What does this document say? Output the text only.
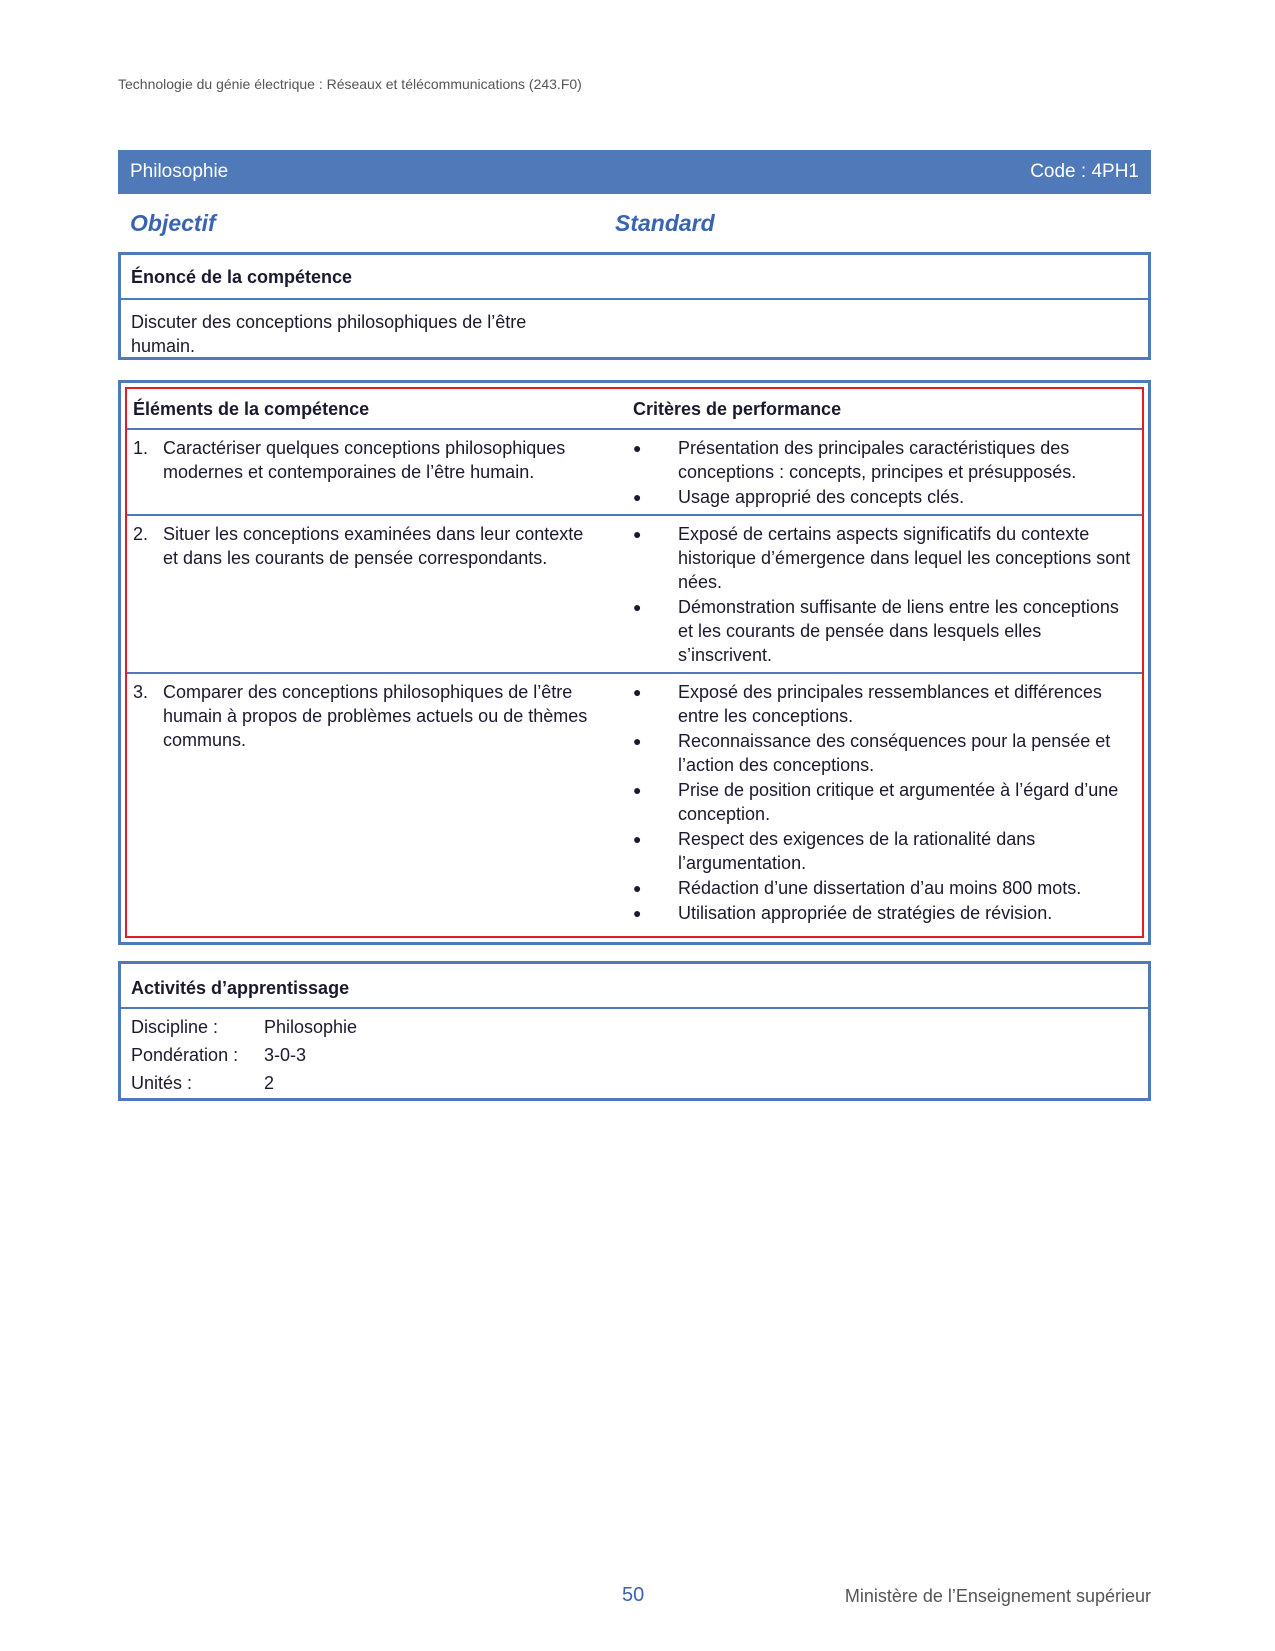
Technologie du génie électrique : Réseaux et télécommunications (243.F0)
Philosophie	Code : 4PH1
Objectif	Standard
Énoncé de la compétence
Discuter des conceptions philosophiques de l’être humain.
Éléments de la compétence	Critères de performance
1. Caractériser quelques conceptions philosophiques modernes et contemporaines de l’être humain.
●	Présentation des principales caractéristiques des conceptions : concepts, principes et présupposés.
●	Usage approprié des concepts clés.
2. Situer les conceptions examinées dans leur contexte et dans les courants de pensée correspondants.
●	Exposé de certains aspects significatifs du contexte historique d’émergence dans lequel les conceptions sont nées.
●	Démonstration suffisante de liens entre les conceptions et les courants de pensée dans lesquels elles s’inscrivent.
3. Comparer des conceptions philosophiques de l’être humain à propos de problèmes actuels ou de thèmes communs.
●	Exposé des principales ressemblances et différences entre les conceptions.
●	Reconnaissance des conséquences pour la pensée et l’action des conceptions.
●	Prise de position critique et argumentée à l’égard d’une conception.
●	Respect des exigences de la rationalité dans l’argumentation.
●	Rédaction d’une dissertation d’au moins 800 mots.
●	Utilisation appropriée de stratégies de révision.
Activités d’apprentissage
Discipline :	Philosophie
Pondération : 3-0-3
Unités :	2
50	Ministère de l’Enseignement supérieur
